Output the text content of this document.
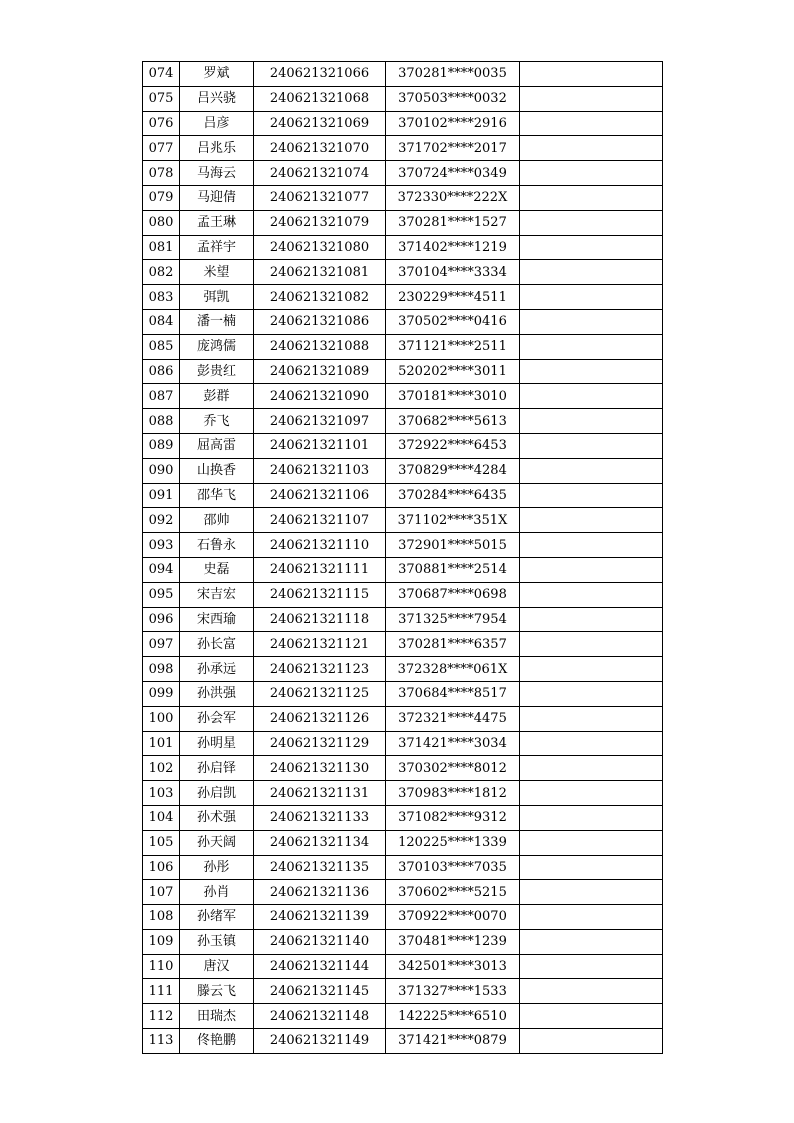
074	罗斌	240621321066	370281****0035	
075	吕兴骁	240621321068	370503****0032	
076	吕彦	240621321069	370102****2916	
077	吕兆乐	240621321070	371702****2017	
078	马海云	240621321074	370724****0349	
079	马迎倩	240621321077	372330****222X	
080	孟王琳	240621321079	370281****1527	
081	孟祥宇	240621321080	371402****1219	
082	米望	240621321081	370104****3334	
083	弭凯	240621321082	230229****4511	
084	潘一楠	240621321086	370502****0416	
085	庞鸿儒	240621321088	371121****2511	
086	彭贵红	240621321089	520202****3011	
087	彭群	240621321090	370181****3010	
088	乔飞	240621321097	370682****5613	
089	屈高雷	240621321101	372922****6453	
090	山换香	240621321103	370829****4284	
091	邵华飞	240621321106	370284****6435	
092	邵帅	240621321107	371102****351X	
093	石鲁永	240621321110	372901****5015	
094	史磊	240621321111	370881****2514	
095	宋吉宏	240621321115	370687****0698	
096	宋西瑜	240621321118	371325****7954	
097	孙长富	240621321121	370281****6357	
098	孙承远	240621321123	372328****061X	
099	孙洪强	240621321125	370684****8517	
100	孙会军	240621321126	372321****4475	
101	孙明星	240621321129	371421****3034	
102	孙启铎	240621321130	370302****8012	
103	孙启凯	240621321131	370983****1812	
104	孙术强	240621321133	371082****9312	
105	孙天阔	240621321134	120225****1339	
106	孙彤	240621321135	370103****7035	
107	孙肖	240621321136	370602****5215	
108	孙绪军	240621321139	370922****0070	
109	孙玉镇	240621321140	370481****1239	
110	唐汉	240621321144	342501****3013	
111	滕云飞	240621321145	371327****1533	
112	田瑞杰	240621321148	142225****6510	
113	佟艳鹏	240621321149	371421****0879	
